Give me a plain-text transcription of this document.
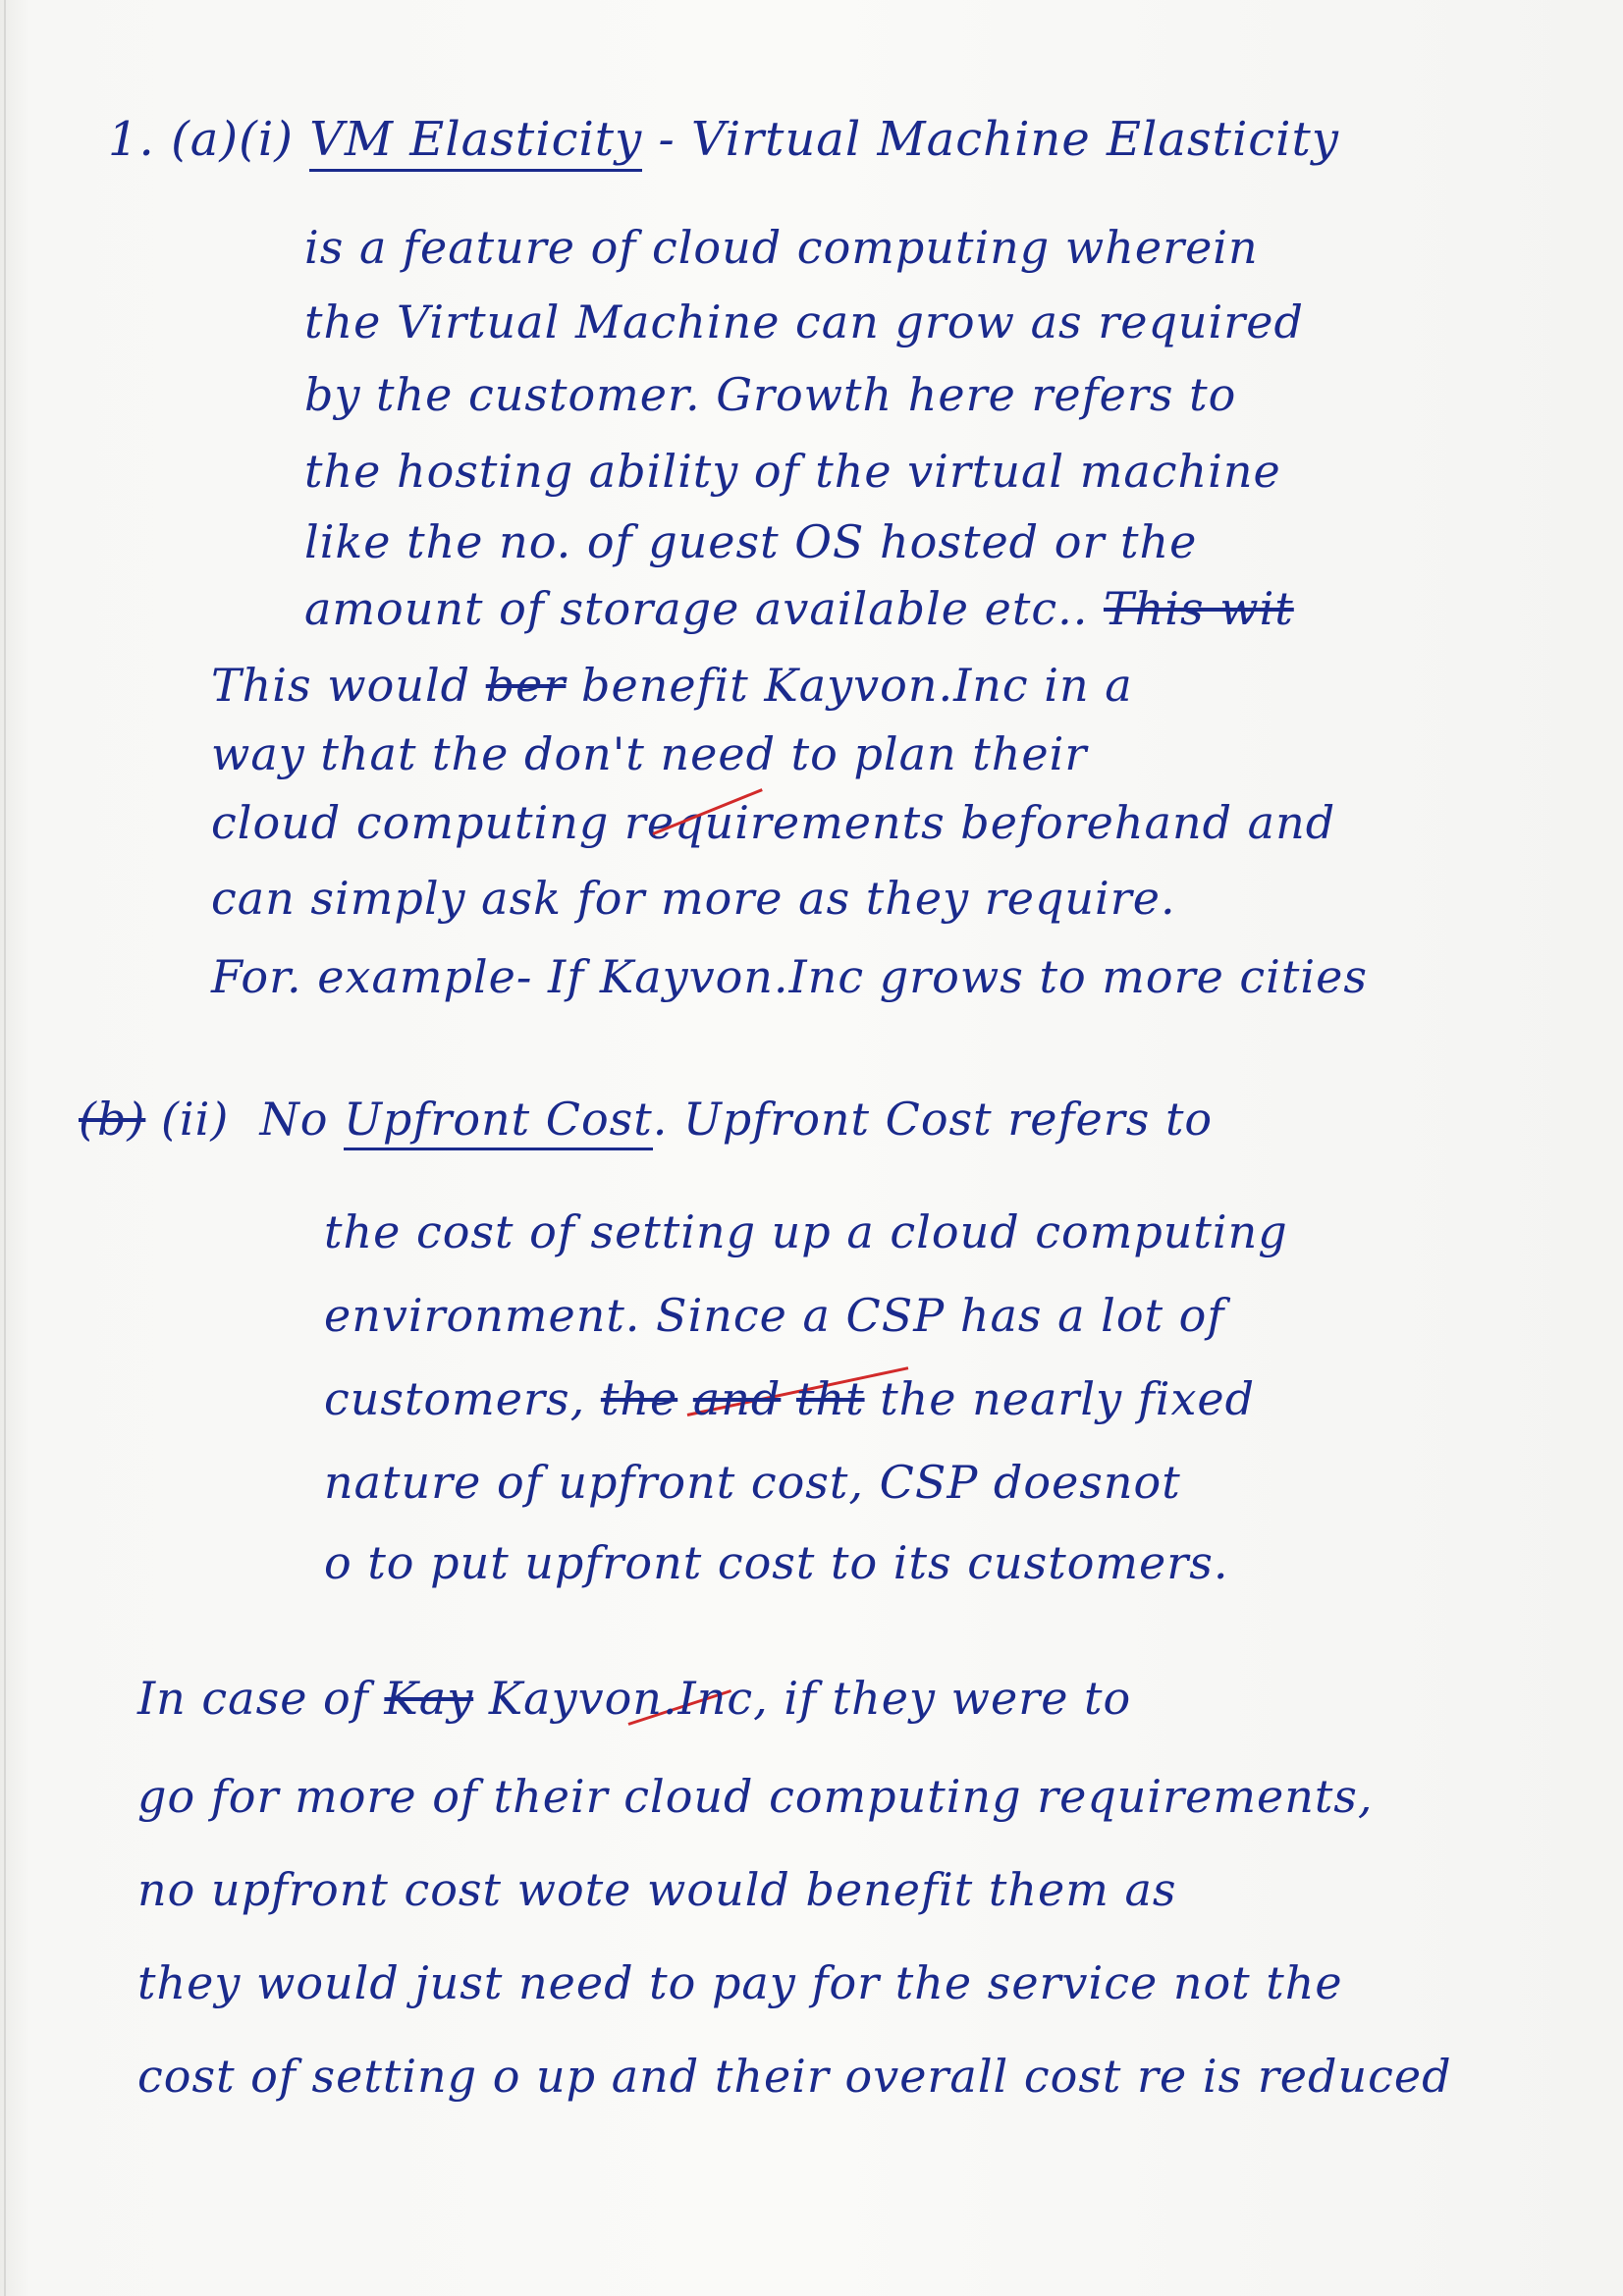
1. (a)(i) VM Elasticity - Virtual Machine Elasticity
is a feature of cloud computing wherein
the Virtual Machine can grow as required
by the customer. Growth here refers to
the hosting ability of the virtual machine
like the no. of guest OS hosted or the
amount of storage available etc.. This wit
This would ber benefit Kayvon.Inc in a
way that the don't need to plan their
cloud computing requirements beforehand and
can simply ask for more as they require.
For. example- If Kayvon.Inc grows to more cities
(b) (ii) No Upfront Cost. Upfront Cost refers to
the cost of setting up a cloud computing
environment. Since a CSP has a lot of
customers, the and tht the nearly fixed
nature of upfront cost, CSP doesnot
o to put upfront cost to its customers.
In case of Kay Kayvon.Inc, if they were to
go for more of their cloud computing requirements,
no upfront cost wote would benefit them as
they would just need to pay for the service not the
cost of setting o up and their overall cost re is reduced
